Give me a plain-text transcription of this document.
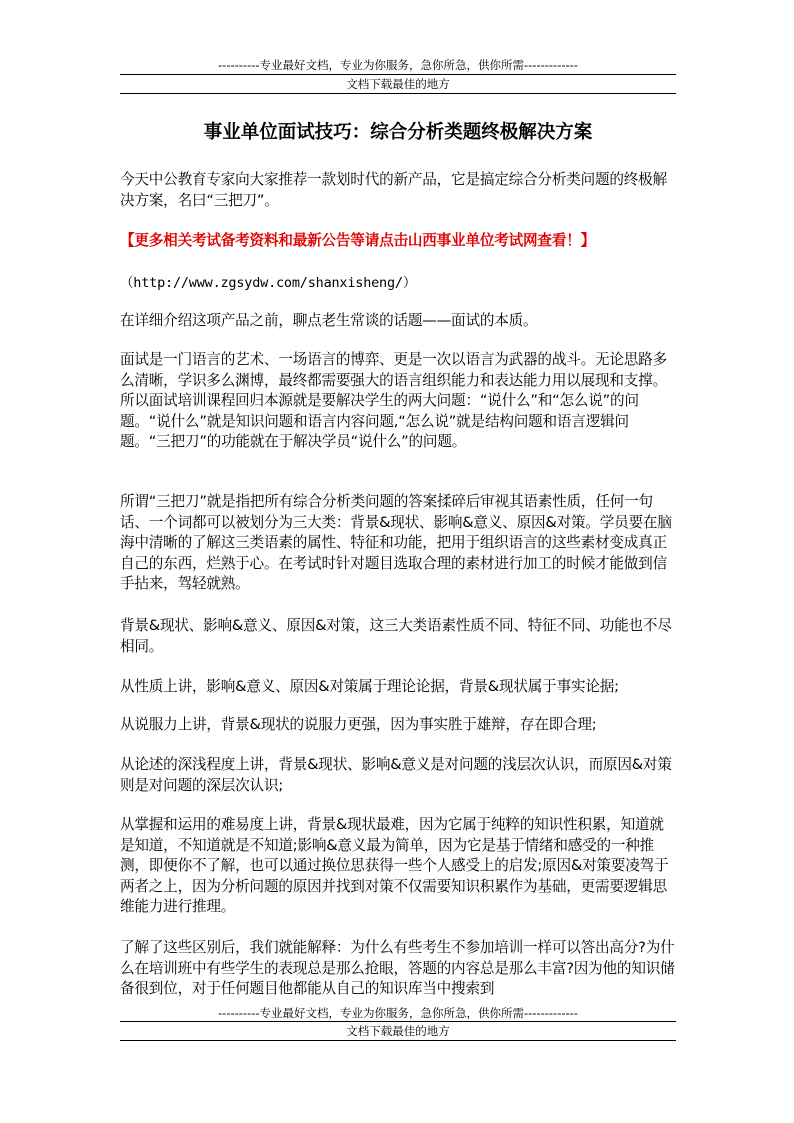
----------专业最好文档，专业为你服务，急你所急，供你所需-------------
文档下载最佳的地方
事业单位面试技巧：综合分析类题终极解决方案
今天中公教育专家向大家推荐一款划时代的新产品，它是搞定综合分析类问题的终极解决方案，名曰“三把刀”。
【更多相关考试备考资料和最新公告等请点击山西事业单位考试网查看！】
（http://www.zgsydw.com/shanxisheng/）
在详细介绍这项产品之前，聊点老生常谈的话题——面试的本质。
面试是一门语言的艺术、一场语言的博弈、更是一次以语言为武器的战斗。无论思路多么清晰，学识多么渊博，最终都需要强大的语言组织能力和表达能力用以展现和支撑。所以面试培训课程回归本源就是要解决学生的两大问题：“说什么”和“怎么说”的问题。“说什么”就是知识问题和语言内容问题,“怎么说”就是结构问题和语言逻辑问题。“三把刀”的功能就在于解决学员“说什么”的问题。
所谓“三把刀”就是指把所有综合分析类问题的答案揉碎后审视其语素性质，任何一句话、一个词都可以被划分为三大类：背景&现状、影响&意义、原因&对策。学员要在脑海中清晰的了解这三类语素的属性、特征和功能，把用于组织语言的这些素材变成真正自己的东西，烂熟于心。在考试时针对题目选取合理的素材进行加工的时候才能做到信手拈来，驾轻就熟。
背景&现状、影响&意义、原因&对策，这三大类语素性质不同、特征不同、功能也不尽相同。
从性质上讲，影响&意义、原因&对策属于理论论据，背景&现状属于事实论据;
从说服力上讲，背景&现状的说服力更强，因为事实胜于雄辩，存在即合理;
从论述的深浅程度上讲，背景&现状、影响&意义是对问题的浅层次认识，而原因&对策则是对问题的深层次认识;
从掌握和运用的难易度上讲，背景&现状最难，因为它属于纯粹的知识性积累，知道就是知道，不知道就是不知道;影响&意义最为简单，因为它是基于情绪和感受的一种推测，即便你不了解，也可以通过换位思获得一些个人感受上的启发;原因&对策要凌驾于两者之上，因为分析问题的原因并找到对策不仅需要知识积累作为基础，更需要逻辑思维能力进行推理。
了解了这些区别后，我们就能解释：为什么有些考生不参加培训一样可以答出高分?为什么在培训班中有些学生的表现总是那么抢眼，答题的内容总是那么丰富?因为他的知识储备很到位，对于任何题目他都能从自己的知识库当中搜索到
----------专业最好文档，专业为你服务，急你所急，供你所需-------------
文档下载最佳的地方
